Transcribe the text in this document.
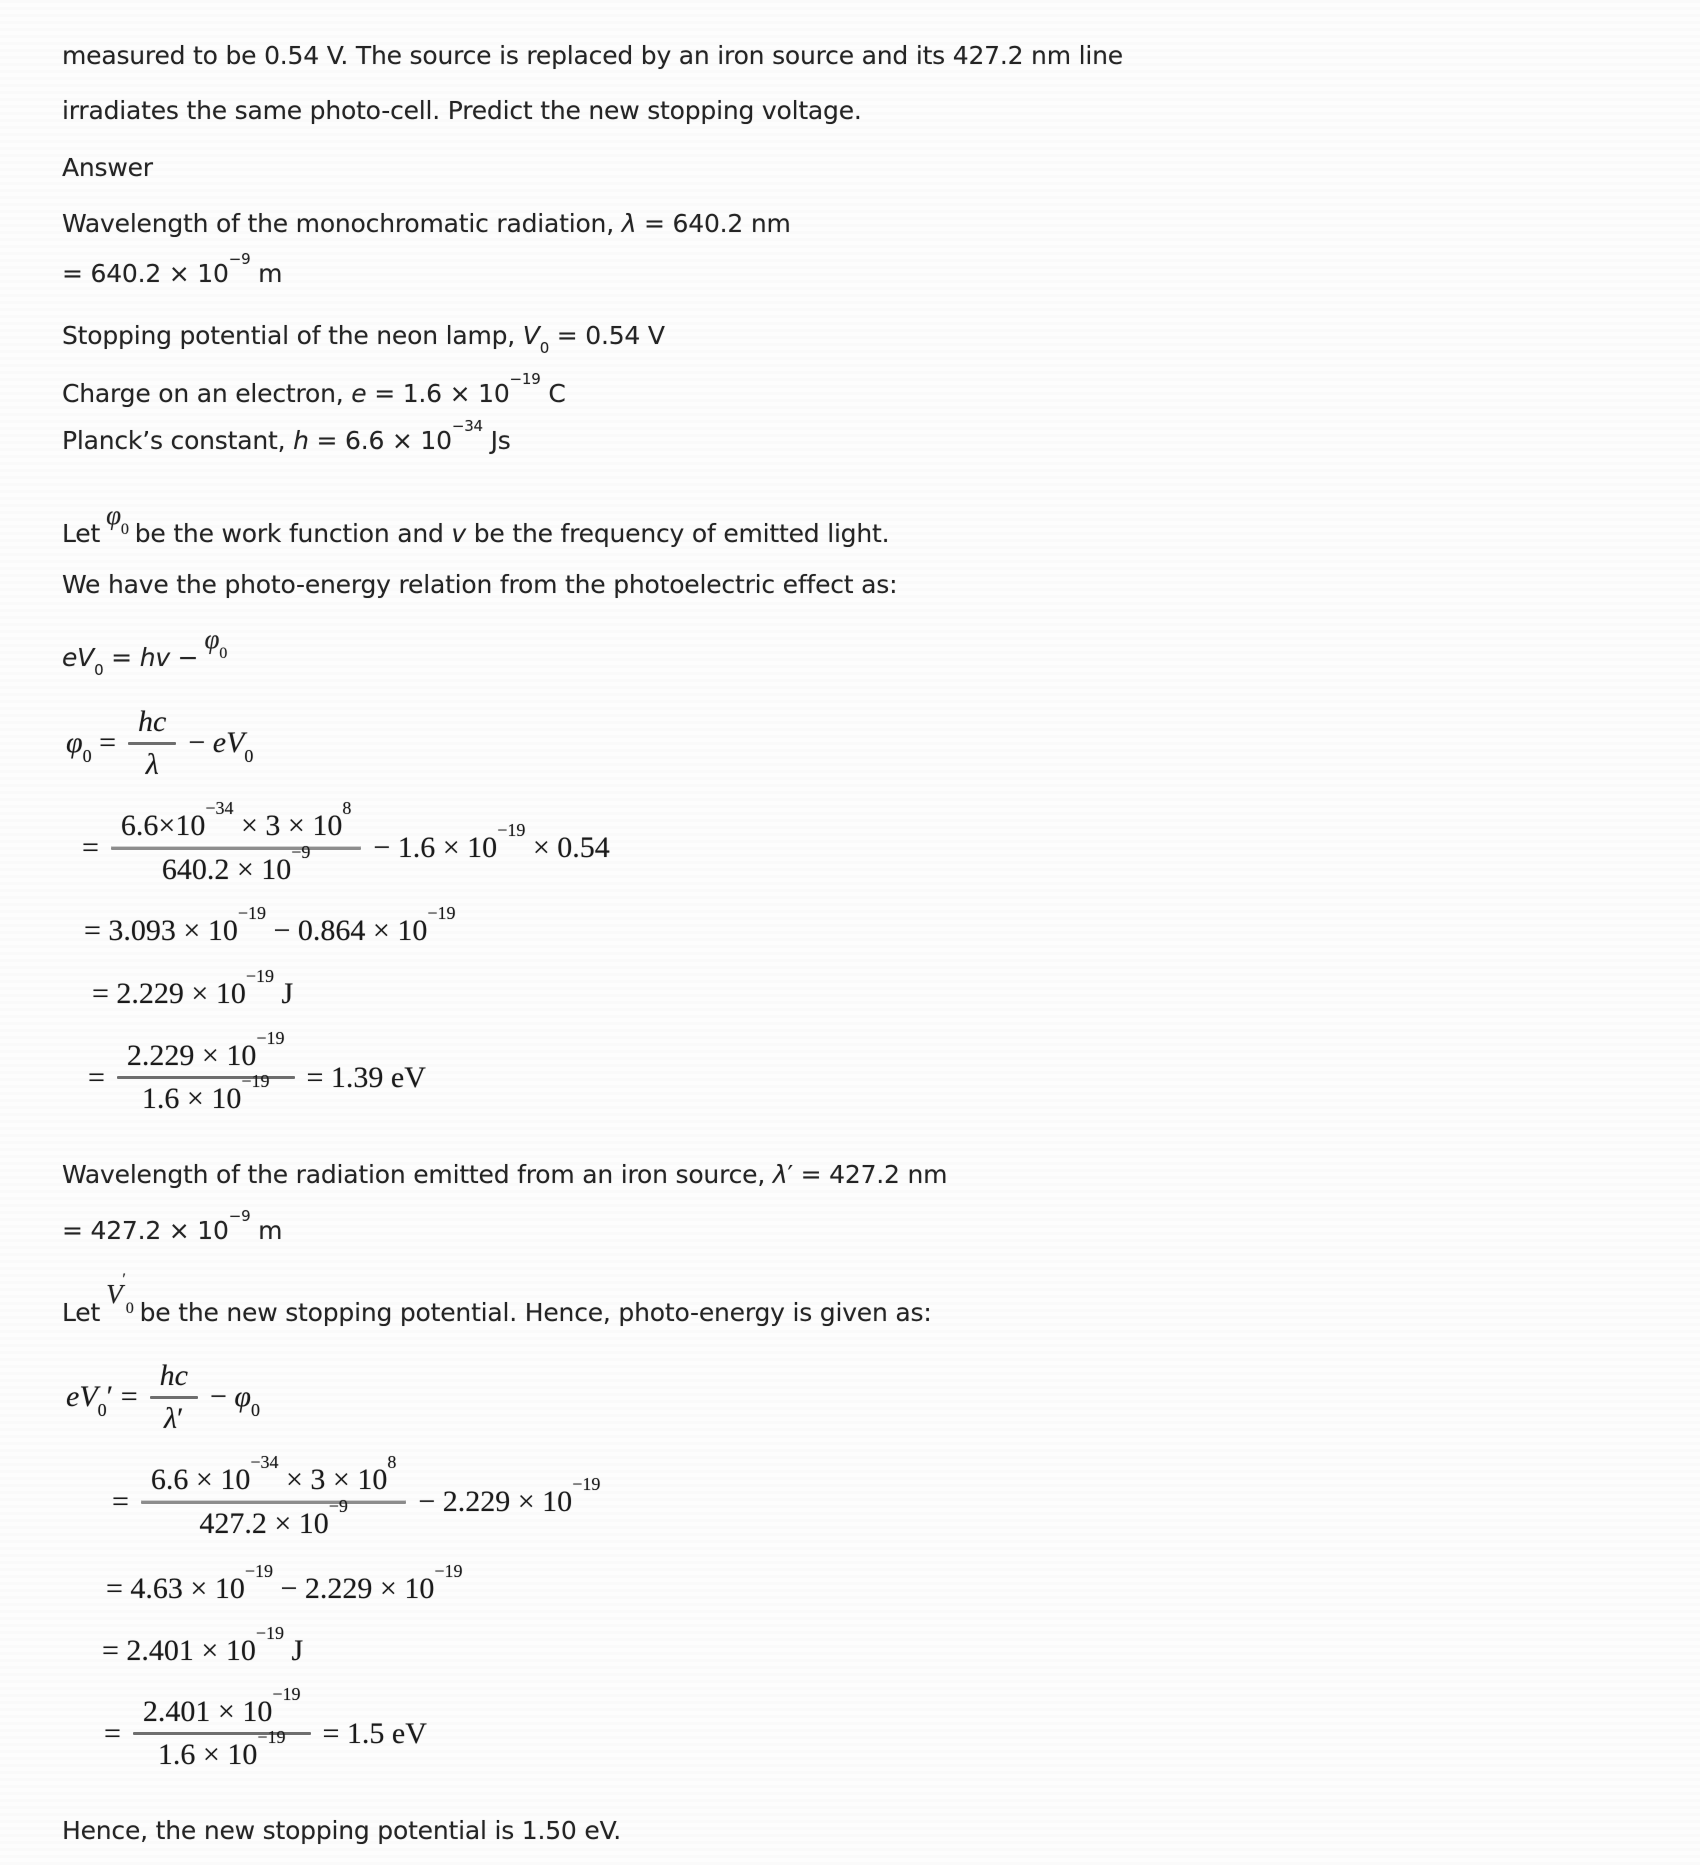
measured to be 0.54 V. The source is replaced by an iron source and its 427.2 nm line
irradiates the same photo-cell. Predict the new stopping voltage.
Answer
Wavelength of the monochromatic radiation, λ = 640.2 nm
= $640.2 \times 10^{-9}$ m
Stopping potential of the neon lamp, $V_0 = 0.54$ V
Charge on an electron, $e = 1.6 \times 10^{-19}$ C
Planck’s constant, $h = 6.6 \times 10^{-34}$ Js
Letφ$_0$ be the work function and v be the frequency of emitted light.
We have the photo-energy relation from the photoelectric effect as:
$eV_0$ = hv $-\varphi_0$
$\varphi_0 = \frac{hc}{\lambda} - eV_0$
= $\frac{6.6\times 10^{-34} \times 3 \times 10^8}{640.2 \times 10^{-9}} - 1.6 \times 10^{-19} \times 0.54$
= $3.093 \times 10^{-19} - 0.864 \times 10^{-19}$
= $2.229 \times 10^{-19}$ J
= $\frac{2.229 \times 10^{-19}}{1.6 \times 10^{-19}} = 1.39$ eV
Wavelength of the radiation emitted from an iron source, λ′ = 427.2 nm
= $427.2 \times 10^{-9}$ m
LetV′$_0$ be the new stopping potential. Hence, photo-energy is given as:
$eV_0' = \frac{hc}{\lambda'} - \varphi_0$
= $\frac{6.6 \times 10^{-34} \times 3 \times 10^8}{427.2 \times 10^{-9}} - 2.229 \times 10^{-19}$
= $4.63 \times 10^{-19} - 2.229 \times 10^{-19}$
= $2.401 \times 10^{-19}$ J
= $\frac{2.401 \times 10^{-19}}{1.6 \times 10^{-19}} = 1.5$ eV
Hence, the new stopping potential is 1.50 eV.
